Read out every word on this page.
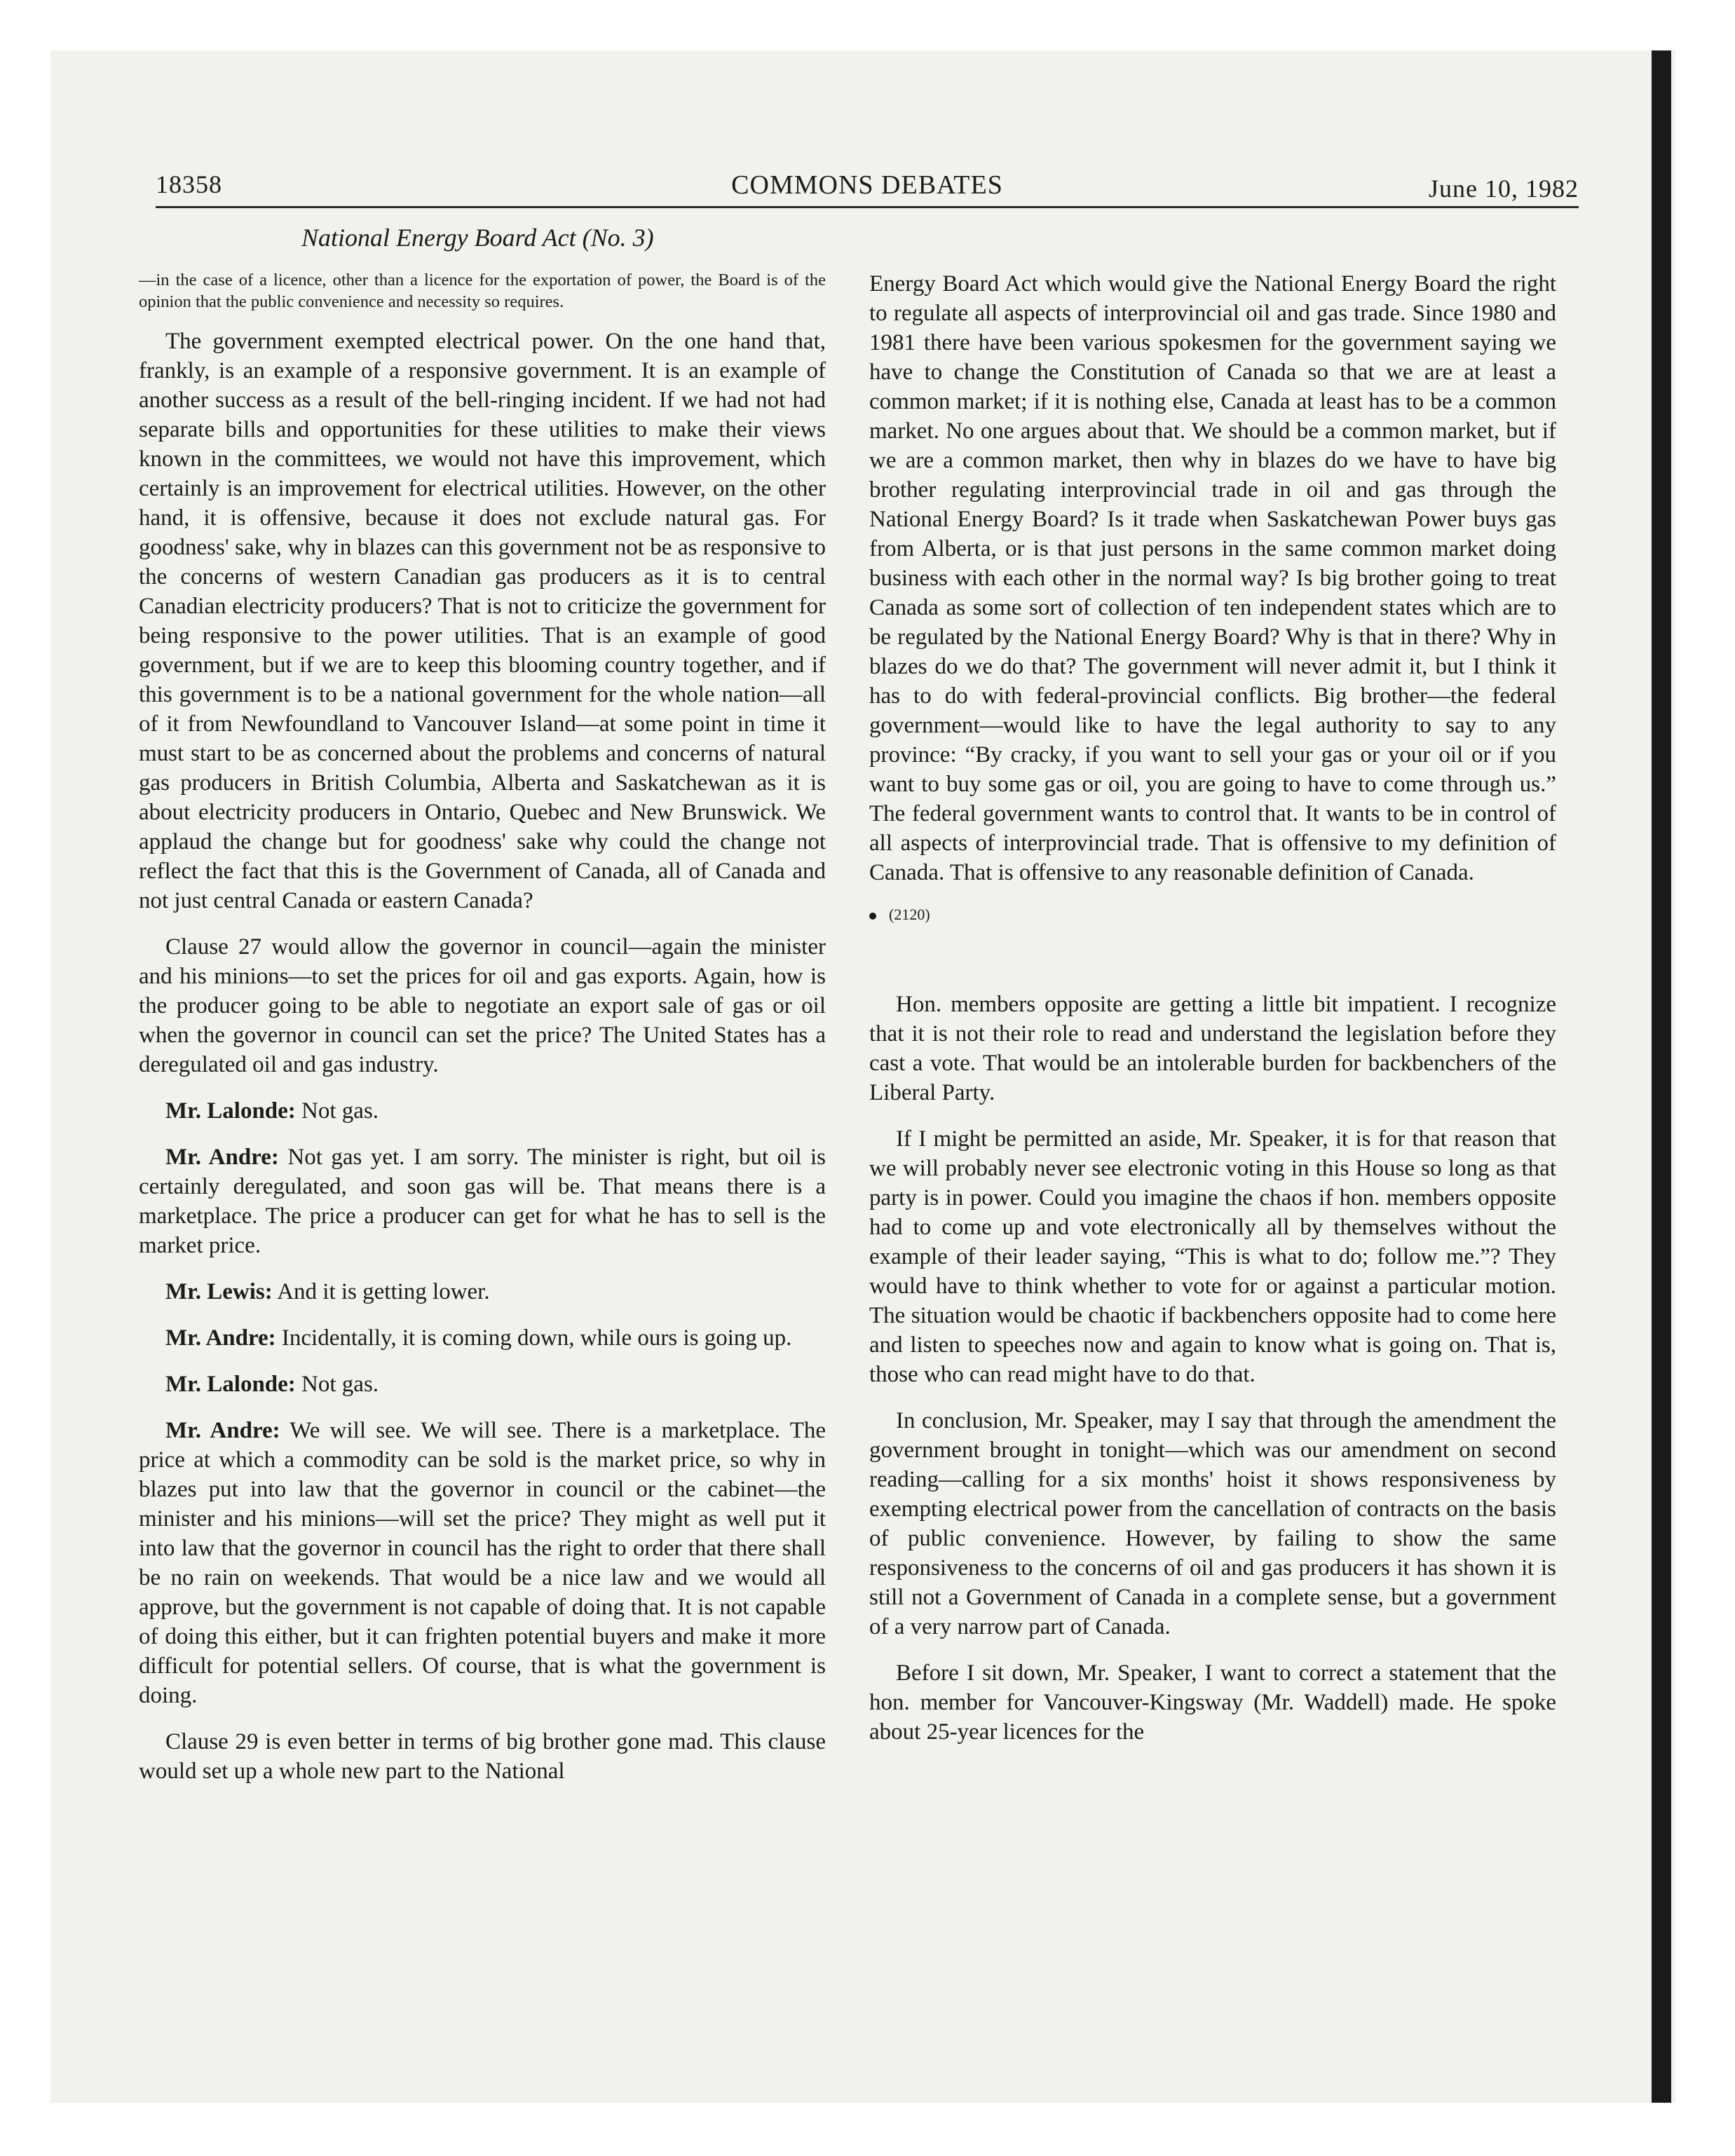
18358	COMMONS DEBATES	June 10, 1982
National Energy Board Act (No. 3)

—in the case of a licence, other than a licence for the exportation of power, the Board is of the opinion that the public convenience and necessity so requires.

The government exempted electrical power. On the one hand that, frankly, is an example of a responsive government. It is an example of another success as a result of the bell-ringing incident. If we had not had separate bills and opportunities for these utilities to make their views known in the committees, we would not have this improvement, which certainly is an improvement for electrical utilities. However, on the other hand, it is offensive, because it does not exclude natural gas. For goodness' sake, why in blazes can this government not be as responsive to the concerns of western Canadian gas producers as it is to central Canadian electricity producers? That is not to criticize the government for being responsive to the power utilities. That is an example of good government, but if we are to keep this blooming country together, and if this government is to be a national government for the whole nation—all of it from Newfoundland to Vancouver Island—at some point in time it must start to be as concerned about the problems and concerns of natural gas producers in British Columbia, Alberta and Saskatchewan as it is about electricity producers in Ontario, Quebec and New Brunswick. We applaud the change but for goodness' sake why could the change not reflect the fact that this is the Government of Canada, all of Canada and not just central Canada or eastern Canada?

Clause 27 would allow the governor in council—again the minister and his minions—to set the prices for oil and gas exports. Again, how is the producer going to be able to negotiate an export sale of gas or oil when the governor in council can set the price? The United States has a deregulated oil and gas industry.

Mr. Lalonde: Not gas.

Mr. Andre: Not gas yet. I am sorry. The minister is right, but oil is certainly deregulated, and soon gas will be. That means there is a marketplace. The price a producer can get for what he has to sell is the market price.

Mr. Lewis: And it is getting lower.

Mr. Andre: Incidentally, it is coming down, while ours is going up.

Mr. Lalonde: Not gas.

Mr. Andre: We will see. We will see. There is a marketplace. The price at which a commodity can be sold is the market price, so why in blazes put into law that the governor in council or the cabinet—the minister and his minions—will set the price? They might as well put it into law that the governor in council has the right to order that there shall be no rain on weekends. That would be a nice law and we would all approve, but the government is not capable of doing that. It is not capable of doing this either, but it can frighten potential buyers and make it more difficult for potential sellers. Of course, that is what the government is doing.

Clause 29 is even better in terms of big brother gone mad. This clause would set up a whole new part to the National

Energy Board Act which would give the National Energy Board the right to regulate all aspects of interprovincial oil and gas trade. Since 1980 and 1981 there have been various spokesmen for the government saying we have to change the Constitution of Canada so that we are at least a common market; if it is nothing else, Canada at least has to be a common market. No one argues about that. We should be a common market, but if we are a common market, then why in blazes do we have to have big brother regulating interprovincial trade in oil and gas through the National Energy Board? Is it trade when Saskatchewan Power buys gas from Alberta, or is that just persons in the same common market doing business with each other in the normal way? Is big brother going to treat Canada as some sort of collection of ten independent states which are to be regulated by the National Energy Board? Why is that in there? Why in blazes do we do that? The government will never admit it, but I think it has to do with federal-provincial conflicts. Big brother—the federal government—would like to have the legal authority to say to any province: “By cracky, if you want to sell your gas or your oil or if you want to buy some gas or oil, you are going to have to come through us.” The federal government wants to control that. It wants to be in control of all aspects of interprovincial trade. That is offensive to my definition of Canada. That is offensive to any reasonable definition of Canada.

(2120)

Hon. members opposite are getting a little bit impatient. I recognize that it is not their role to read and understand the legislation before they cast a vote. That would be an intolerable burden for backbenchers of the Liberal Party.

If I might be permitted an aside, Mr. Speaker, it is for that reason that we will probably never see electronic voting in this House so long as that party is in power. Could you imagine the chaos if hon. members opposite had to come up and vote electronically all by themselves without the example of their leader saying, “This is what to do; follow me.”? They would have to think whether to vote for or against a particular motion. The situation would be chaotic if backbenchers opposite had to come here and listen to speeches now and again to know what is going on. That is, those who can read might have to do that.

In conclusion, Mr. Speaker, may I say that through the amendment the government brought in tonight—which was our amendment on second reading—calling for a six months' hoist it shows responsiveness by exempting electrical power from the cancellation of contracts on the basis of public convenience. However, by failing to show the same responsiveness to the concerns of oil and gas producers it has shown it is still not a Government of Canada in a complete sense, but a government of a very narrow part of Canada.

Before I sit down, Mr. Speaker, I want to correct a statement that the hon. member for Vancouver-Kingsway (Mr. Waddell) made. He spoke about 25-year licences for the
